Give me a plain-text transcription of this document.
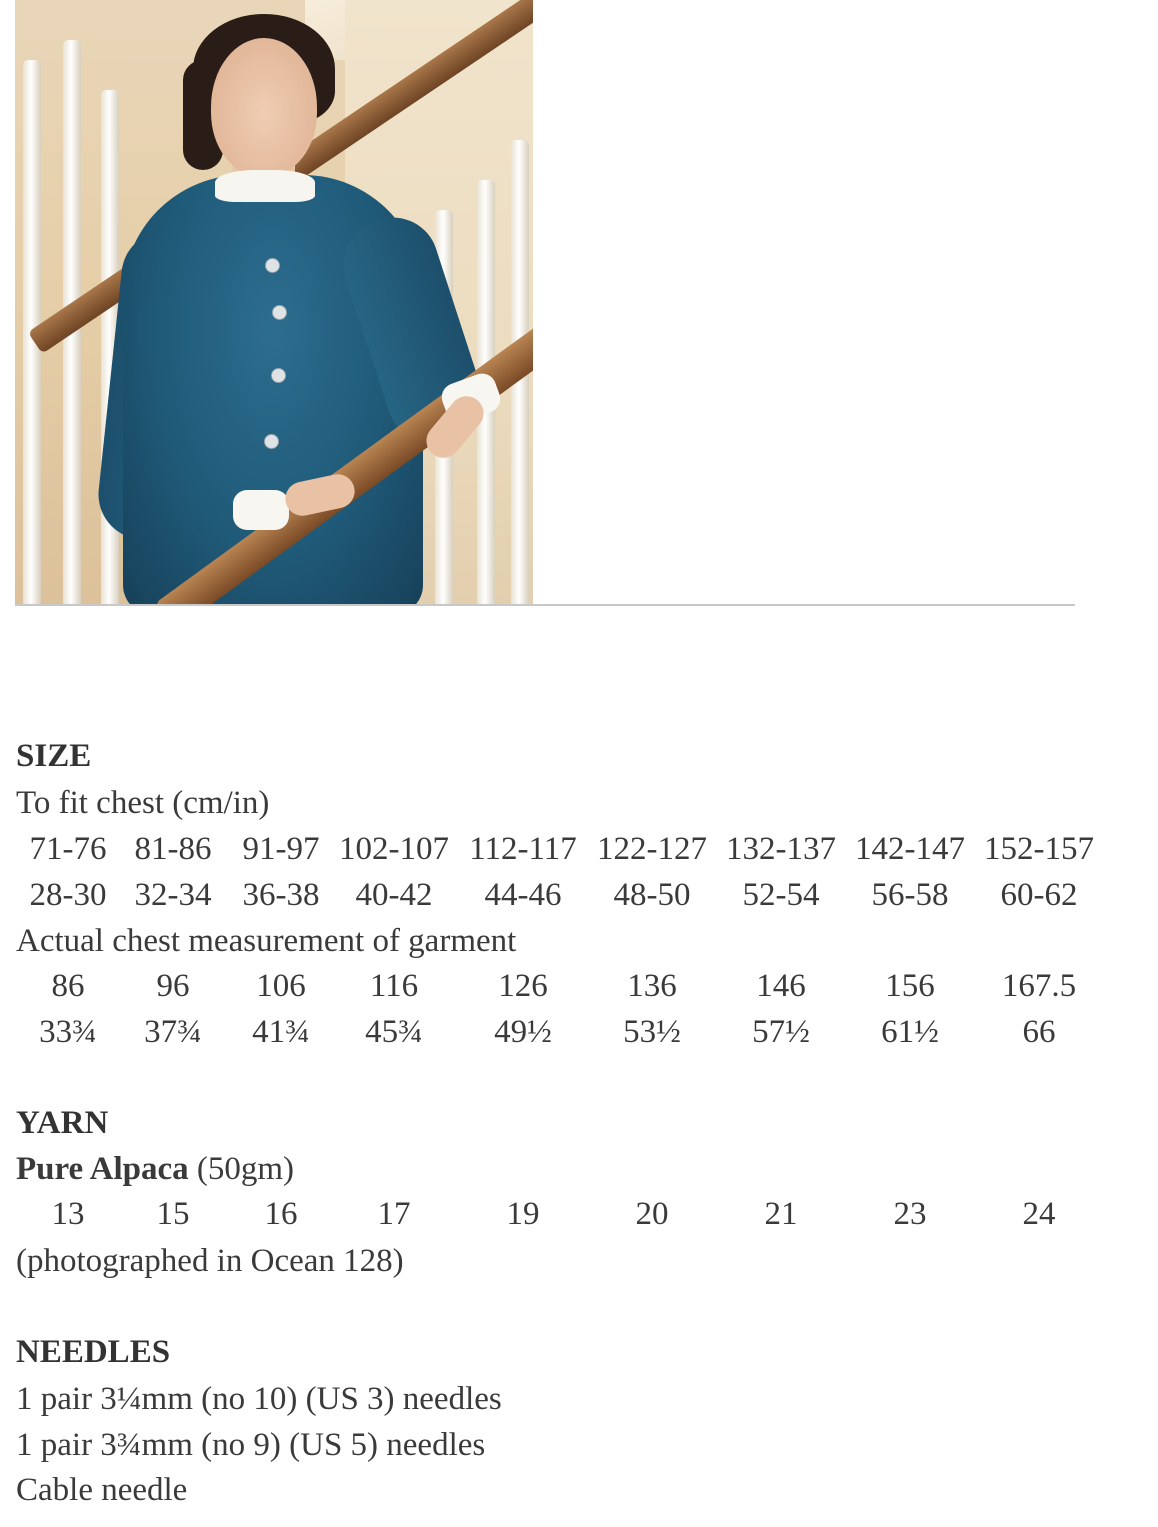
SIZE
To fit chest (cm/in)
71-76 81-86 91-97 102-107 112-117 122-127 132-137 142-147 152-157
28-30 32-34 36-38 40-42 44-46 48-50 52-54 56-58 60-62
Actual chest measurement of garment
86 96 106 116 126 136 146 156 167.5
33¾ 37¾ 41¾ 45¾ 49½ 53½ 57½ 61½	66
YARN
Pure Alpaca (50gm)
13 15 16 17	19	20	21	23	24
(photographed in Ocean 128)
NEEDLES
1 pair 3¼mm (no 10) (US 3) needles
1 pair 3¾mm (no 9) (US 5) needles
Cable needle
